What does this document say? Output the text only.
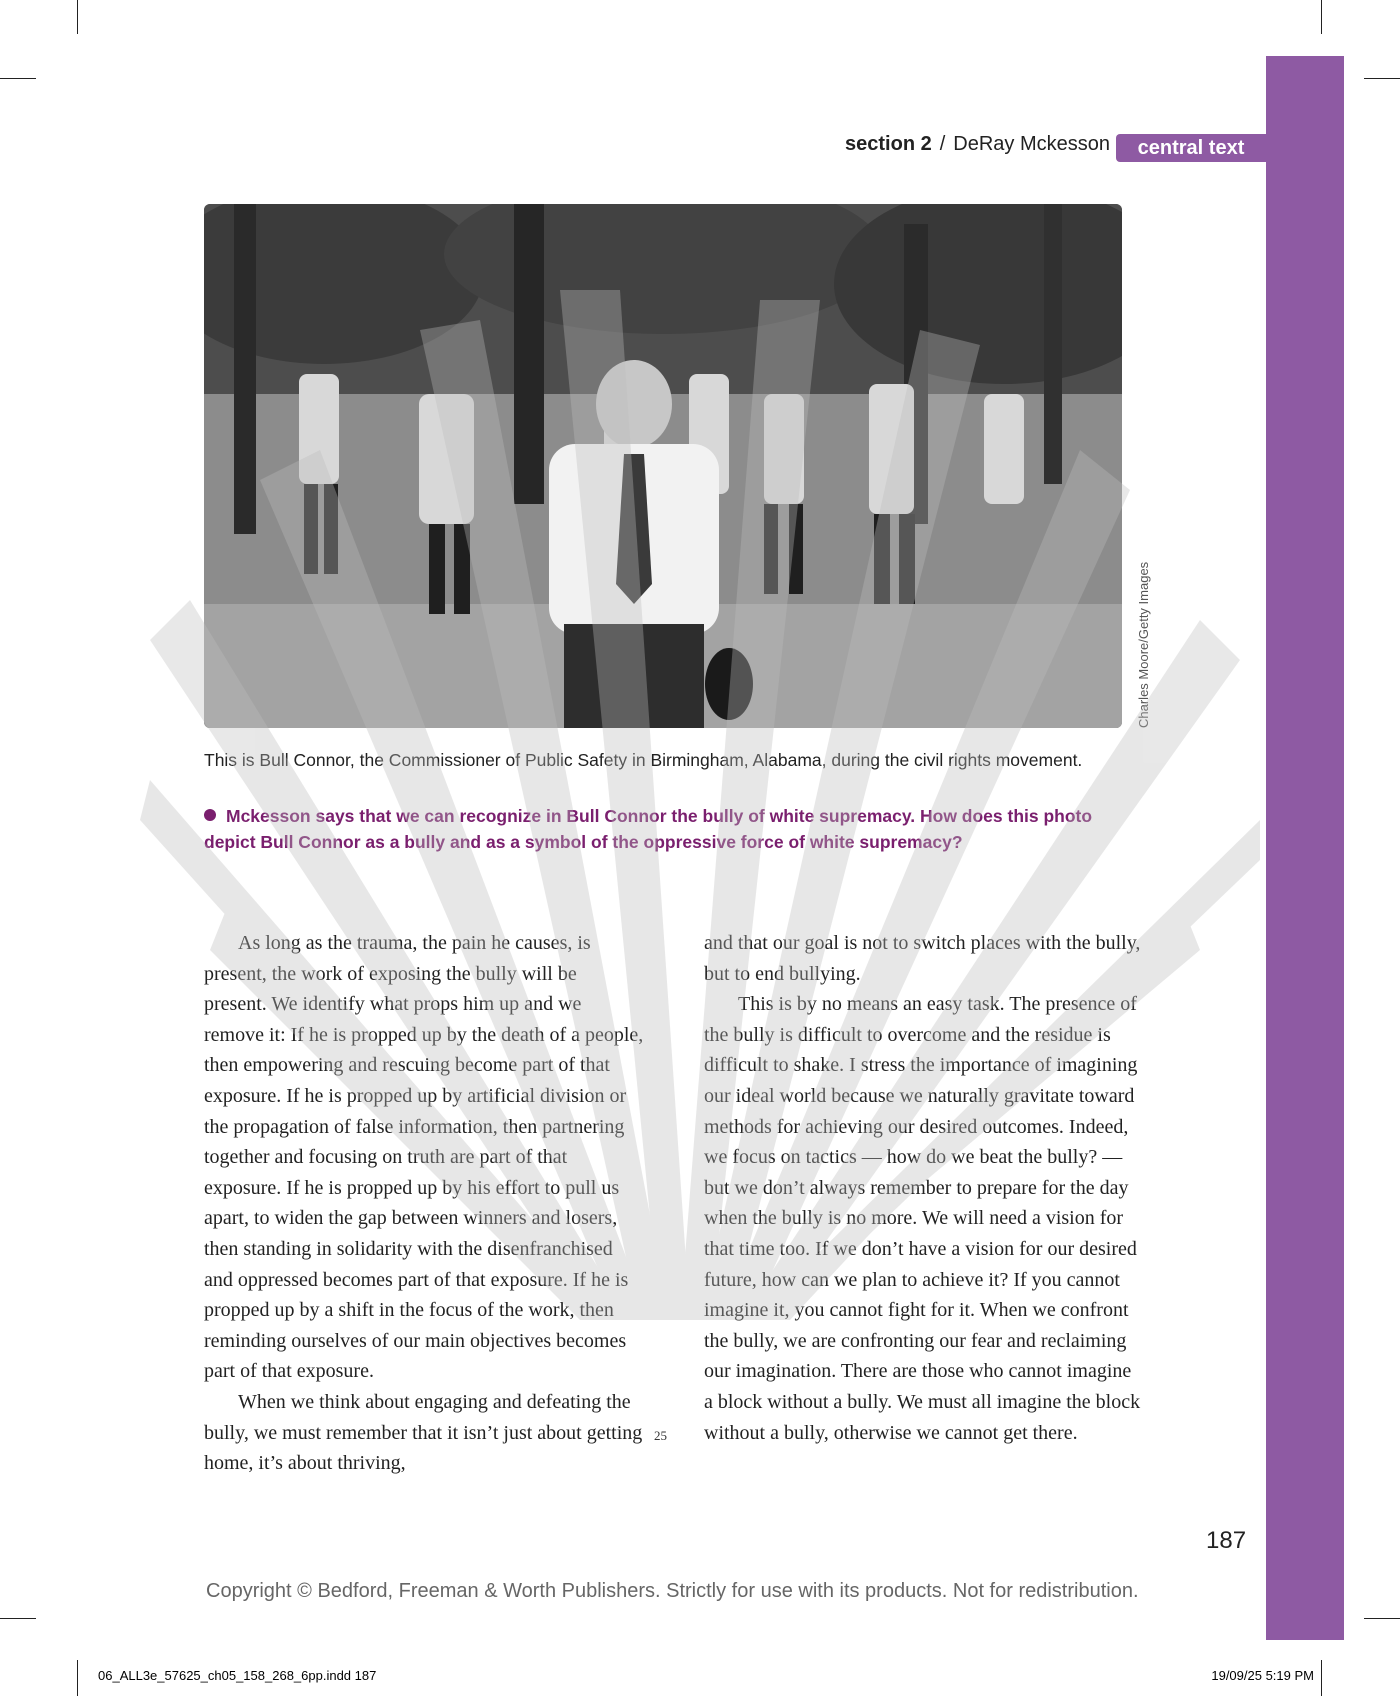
section 2 / DeRay Mckesson	central text
Charles Moore/Getty Images
This is Bull Connor, the Commissioner of Public Safety in Birmingham, Alabama, during the civil rights movement.
Mckesson says that we can recognize in Bull Connor the bully of white supremacy. How does this photo depict Bull Connor as a bully and as a symbol of the oppressive force of white supremacy?

As long as the trauma, the pain he causes, is present, the work of exposing the bully will be present. We identify what props him up and we remove it: If he is propped up by the death of a people, then empowering and rescuing become part of that exposure. If he is propped up by artificial division or the propagation of false information, then partnering together and focusing on truth are part of that exposure. If he is propped up by his effort to pull us apart, to widen the gap between winners and losers, then standing in solidarity with the disenfranchised and oppressed becomes part of that exposure. If he is propped up by a shift in the focus of the work, then reminding ourselves of our main objectives becomes part of that exposure.

When we think about engaging and defeating the bully, we must remember that it isn’t just about getting home, it’s about thriving,

25

and that our goal is not to switch places with the bully, but to end bullying.

This is by no means an easy task. The presence of the bully is difficult to overcome and the residue is difficult to shake. I stress the importance of imagining our ideal world because we naturally gravitate toward methods for achieving our desired outcomes. Indeed, we focus on tactics — how do we beat the bully? — but we don’t always remember to prepare for the day when the bully is no more. We will need a vision for that time too. If we don’t have a vision for our desired future, how can we plan to achieve it? If you cannot imagine it, you cannot fight for it. When we confront the bully, we are confronting our fear and reclaiming our imagination. There are those who cannot imagine a block without a bully. We must all imagine the block without a bully, otherwise we cannot get there.

187
Copyright © Bedford, Freeman & Worth Publishers. Strictly for use with its products. Not for redistribution.
06_ALL3e_57625_ch05_158_268_6pp.indd 187	19/09/25 5:19 PM
